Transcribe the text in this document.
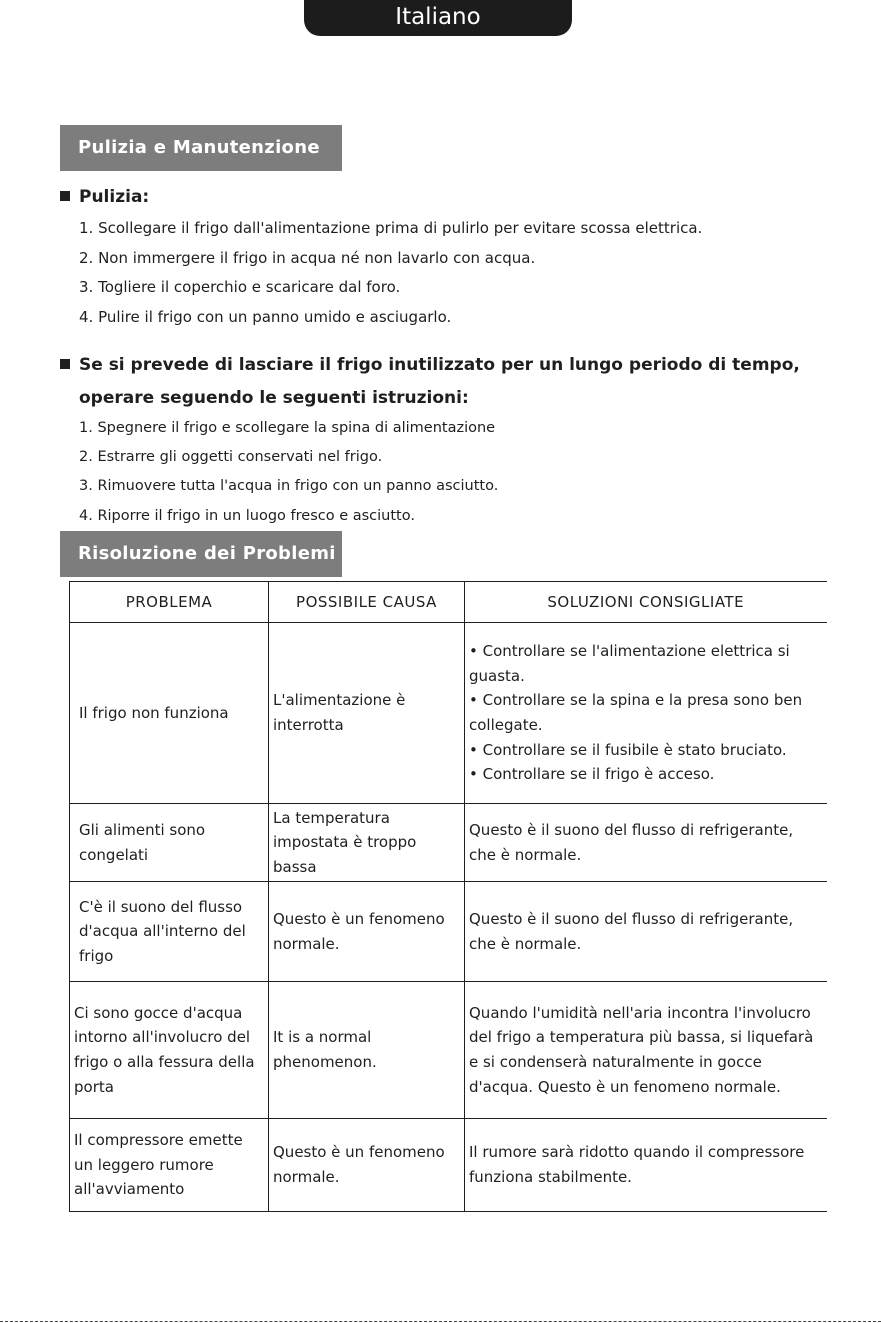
Italiano
Pulizia e Manutenzione
Pulizia:
1. Scollegare il frigo dall'alimentazione prima di pulirlo per evitare scossa elettrica.
2. Non immergere il frigo in acqua né non lavarlo con acqua.
3. Togliere il coperchio e scaricare dal foro.
4. Pulire il frigo con un panno umido e asciugarlo.
Se si prevede di lasciare il frigo inutilizzato per un lungo periodo di tempo,
operare seguendo le seguenti istruzioni:
1. Spegnere il frigo e scollegare la spina di alimentazione
2. Estrarre gli oggetti conservati nel frigo.
3. Rimuovere tutta l'acqua in frigo con un panno asciutto.
4. Riporre il frigo in un luogo fresco e asciutto.
Risoluzione dei Problemi
PROBLEMA	POSSIBILE CAUSA	SOLUZIONI CONSIGLIATE
Il frigo non funziona	L'alimentazione è interrotta	• Controllare se l'alimentazione elettrica si guasta.
• Controllare se la spina e la presa sono ben collegate.
• Controllare se il fusibile è stato bruciato.
• Controllare se il frigo è acceso.

Gli alimenti sono congelati	La temperatura impostata è troppo bassa	Questo è il suono del flusso di refrigerante, che è normale.

C'è il suono del flusso d'acqua all'interno del frigo	Questo è un fenomeno normale.	Questo è il suono del flusso di refrigerante, che è normale.

Ci sono gocce d'acqua intorno all'involucro del frigo o alla fessura della porta	It is a normal phenomenon.	Quando l'umidità nell'aria incontra l'involucro del frigo a temperatura più bassa, si liquefarà e si condenserà naturalmente in gocce d'acqua. Questo è un fenomeno normale.

Il compressore emette un leggero rumore all'avviamento	Questo è un fenomeno normale.	Il rumore sarà ridotto quando il compressore funziona stabilmente.
